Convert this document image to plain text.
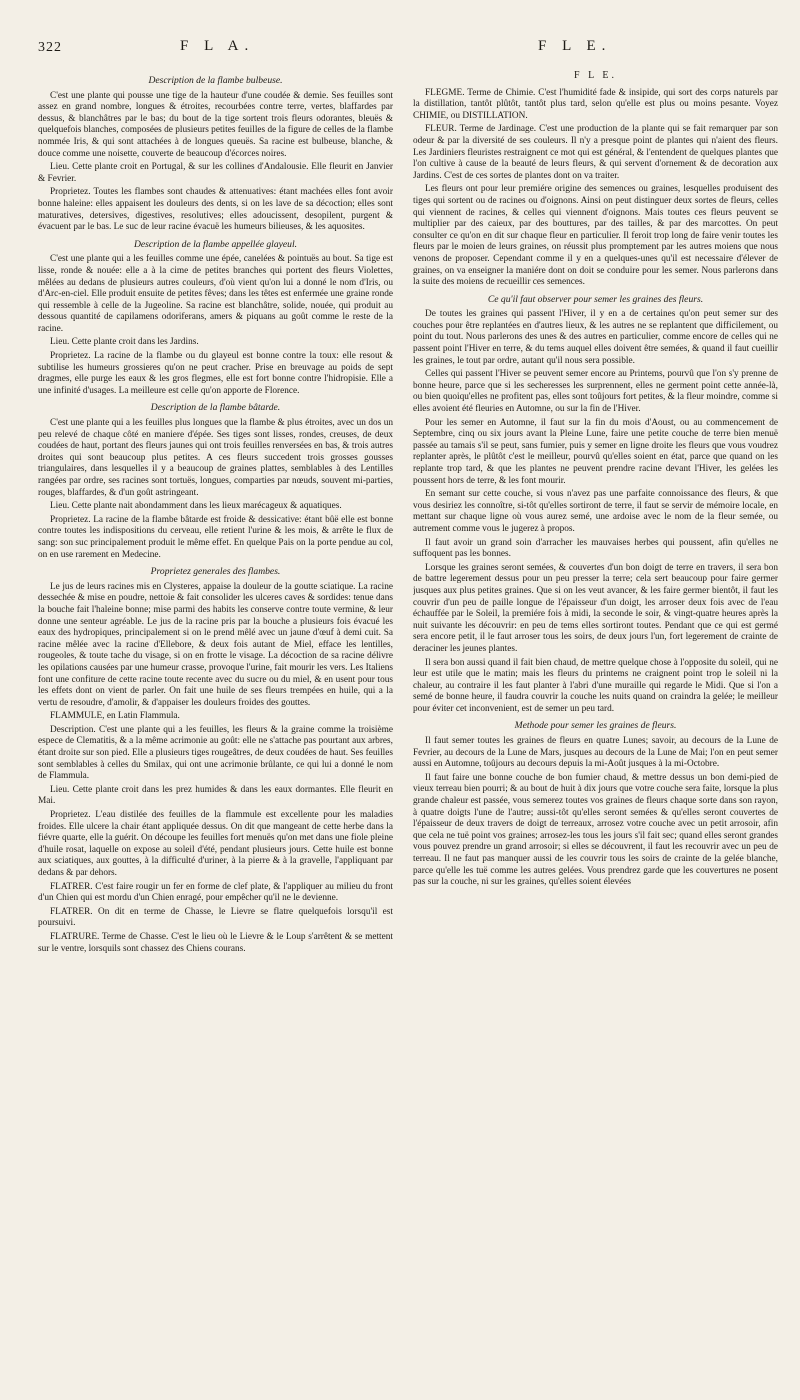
322	F L A.	F L E.
Description de la flambe bulbeuse.

C'est une plante qui pousse une tige de la hauteur d'une coudée & demie. Ses feuilles sont assez en grand nombre, longues & étroites, recourbées contre terre, vertes, blaffardes par dessus, & blanchâtres par le bas; du bout de la tige sortent trois fleurs odorantes, bleuës & quelquefois blanches, composées de plusieurs petites feuilles de la figure de celles de la flambe nommée Iris, & qui sont attachées à de longues queuës. Sa racine est bulbeuse, blanche, & douce comme une noisette, couverte de beaucoup d'écorces noires.

Lieu. Cette plante croit en Portugal, & sur les collines d'Andalousie. Elle fleurit en Janvier & Fevrier.

Proprietez. Toutes les flambes sont chaudes & attenuatives: étant machées elles font avoir bonne haleine: elles appaisent les douleurs des dents, si on les lave de sa décoction; elles sont maturatives, detersives, digestives, resolutives; elles adoucissent, desopilent, purgent & évacuent par le bas. Le suc de leur racine évacuë les humeurs bilieuses, & les aquosites.

Description de la flambe appellée glayeul.

C'est une plante qui a les feuilles comme une épée, canelées & pointuës au bout. Sa tige est lisse, ronde & nouée: elle a à la cime de petites branches qui portent des fleurs Violettes, mêlées au dedans de plusieurs autres couleurs, d'où vient qu'on lui a donné le nom d'Iris, ou d'Arc-en-ciel. Elle produit ensuite de petites fêves; dans les têtes est enfermée une graine ronde qui ressemble à celle de la Jugeoline. Sa racine est blanchâtre, solide, nouée, qui produit au dessous quantité de capilamens odoriferans, amers & piquans au goût comme le reste de la racine.

Lieu. Cette plante croit dans les Jardins.

Proprietez. La racine de la flambe ou du glayeul est bonne contre la toux: elle resout & subtilise les humeurs grossieres qu'on ne peut cracher. Prise en breuvage au poids de sept dragmes, elle purge les eaux & les gros flegmes, elle est fort bonne contre l'hidropisie. Elle a une infinité d'usages. La meilleure est celle qu'on apporte de Florence.

Description de la flambe bâtarde.

C'est une plante qui a les feuilles plus longues que la flambe & plus étroites, avec un dos un peu relevé de chaque côté en maniere d'épée. Ses tiges sont lisses, rondes, creuses, de deux coudées de haut, portant des fleurs jaunes qui ont trois feuilles renversées en bas, & trois autres droites qui sont beaucoup plus petites. A ces fleurs succedent trois grosses gousses triangulaires, dans lesquelles il y a beaucoup de graines plattes, semblables à des Lentilles rangées par ordre, ses racines sont tortuës, longues, comparties par nœuds, souvent mi-parties, rouges, blaffardes, & d'un goût astringeant.

Lieu. Cette plante nait abondamment dans les lieux marécageux & aquatiques.

Proprietez. La racine de la flambe bâtarde est froide & dessicative: étant bûë elle est bonne contre toutes les indispositions du cerveau, elle retient l'urine & les mois, & arrête le flux de sang: son suc principalement produit le même effet. En quelque Pais on la porte pendue au col, on en use rarement en Medecine.

Proprietez generales des flambes.

Le jus de leurs racines mis en Clysteres, appaise la douleur de la goutte sciatique. La racine dessechée & mise en poudre, nettoie & fait consolider les ulceres caves & sordides: tenue dans la bouche fait l'haleine bonne; mise parmi des habits les conserve contre toute vermine, & leur donne une senteur agréable. Le jus de la racine pris par la bouche a plusieurs fois évacué les eaux des hydropiques, principalement si on le prend mêlé avec un jaune d'œuf à demi cuit. Sa racine mêlée avec la racine d'Ellebore, & deux fois autant de Miel, efface les lentilles, rougeoles, & toute tache du visage, si on en frotte le visage. La décoction de sa racine délivre les opilations causées par une humeur crasse, provoque l'urine, fait mourir les vers. Les Italiens font une confiture de cette racine toute recente avec du sucre ou du miel, & en usent pour tous les effets dont on vient de parler. On fait une huile de ses fleurs trempées en huile, qui a la vertu de resoudre, d'amolir, & d'appaiser les douleurs froides des gouttes.

FLAMMULE, en Latin Flammula.

Description. C'est une plante qui a les feuilles, les fleurs & la graine comme la troisième espece de Clematitis, & a la même acrimonie au goût: elle ne s'attache pas pourtant aux arbres, étant droite sur son pied. Elle a plusieurs tiges rougeâtres, de deux coudées de haut. Ses feuilles sont semblables à celles du Smilax, qui ont une acrimonie brûlante, ce qui lui a donné le nom de Flammula.

Lieu. Cette plante croit dans les prez humides & dans les eaux dormantes. Elle fleurit en Mai.

Proprietez. L'eau distilée des feuilles de la flammule est excellente pour les maladies froides. Elle ulcere la chair étant appliquée dessus. On dit que mangeant de cette herbe dans la fiévre quarte, elle la guérit. On découpe les feuilles fort menuës qu'on met dans une fiole pleine d'huile rosat, laquelle on expose au soleil d'été, pendant plusieurs jours. Cette huile est bonne aux sciatiques, aux gouttes, à la difficulté d'uriner, à la pierre & à la gravelle, l'appliquant par dedans & par dehors.

FLATRER. C'est faire rougir un fer en forme de clef plate, & l'appliquer au milieu du front d'un Chien qui est mordu d'un Chien enragé, pour empêcher qu'il ne le devienne.

FLATRER. On dit en terme de Chasse, le Lievre se flatre quelquefois lorsqu'il est poursuivi.

FLATRURE. Terme de Chasse. C'est le lieu où le Lievre & le Loup s'arrêtent & se mettent sur le ventre, lorsquils sont chassez des Chiens courans.

F L E.

FLEGME. Terme de Chimie. C'est l'humidité fade & insipide, qui sort des corps naturels par la distillation, tantôt plûtôt, tantôt plus tard, selon qu'elle est plus ou moins pesante. Voyez CHIMIE, ou DISTILLATION.

FLEUR. Terme de Jardinage. C'est une production de la plante qui se fait remarquer par son odeur & par la diversité de ses couleurs. Il n'y a presque point de plantes qui n'aient des fleurs. Les Jardiniers fleuristes restraignent ce mot qui est général, & l'entendent de quelques plantes que l'on cultive à cause de la beauté de leurs fleurs, & qui servent d'ornement & de decoration aux Jardins. C'est de ces sortes de plantes dont on va traiter.

Les fleurs ont pour leur premiére origine des semences ou graines, lesquelles produisent des tiges qui sortent ou de racines ou d'oignons. Ainsi on peut distinguer deux sortes de fleurs, celles qui viennent de racines, & celles qui viennent d'oignons. Mais toutes ces fleurs peuvent se multiplier par des caieux, par des bouttures, par des tailles, & par des marcottes. On peut consulter ce qu'on en dit sur chaque fleur en particulier. Il feroit trop long de faire venir toutes les fleurs par le moien de leurs graines, on réussit plus promptement par les autres moiens que nous venons de proposer. Cependant comme il y en a quelques-unes qu'il est necessaire d'élever de graines, on va enseigner la maniére dont on doit se conduire pour les semer. Nous parlerons dans la suite des moiens de recueillir ces semences.

Ce qu'il faut observer pour semer les graines des fleurs.

De toutes les graines qui passent l'Hiver, il y en a de certaines qu'on peut semer sur des couches pour être replantées en d'autres lieux, & les autres ne se replantent que difficilement, ou point du tout. Nous parlerons des unes & des autres en particulier, comme encore de celles qui ne passent point l'Hiver en terre, & du tems auquel elles doivent être semées, & quand il faut cueillir les graines, le tout par ordre, autant qu'il nous sera possible.

Celles qui passent l'Hiver se peuvent semer encore au Printems, pourvû que l'on s'y prenne de bonne heure, parce que si les secheresses les surprennent, elles ne germent point cette année-là, ou bien quoiqu'elles ne profitent pas, elles sont toûjours fort petites, & la fleur moindre, comme si elles avoient été fleuries en Automne, ou sur la fin de l'Hiver.

Pour les semer en Automne, il faut sur la fin du mois d'Aoust, ou au commencement de Septembre, cinq ou six jours avant la Pleine Lune, faire une petite couche de terre bien menuë passée au tamais s'il se peut, sans fumier, puis y semer en ligne droite les fleurs que vous voudrez replanter après, le plûtôt c'est le meilleur, pourvû qu'elles soient en état, parce que quand on les replante trop tard, & que les plantes ne peuvent prendre racine devant l'Hiver, les gelées les poussent hors de terre, & les font mourir.

En semant sur cette couche, si vous n'avez pas une parfaite connoissance des fleurs, & que vous desiriez les connoître, si-tôt qu'elles sortiront de terre, il faut se servir de mémoire locale, en mettant sur chaque ligne où vous aurez semé, une ardoise avec le nom de la fleur semée, ou autrement comme vous le jugerez à propos.

Il faut avoir un grand soin d'arracher les mauvaises herbes qui poussent, afin qu'elles ne suffoquent pas les bonnes.

Lorsque les graines seront semées, & couvertes d'un bon doigt de terre en travers, il sera bon de battre legerement dessus pour un peu presser la terre; cela sert beaucoup pour faire germer jusques aux plus petites graines. Que si on les veut avancer, & les faire germer bientôt, il faut les couvrir d'un peu de paille longue de l'épaisseur d'un doigt, les arroser deux fois avec de l'eau échauffée par le Soleil, la premiére fois à midi, la seconde le soir, & vingt-quatre heures après la nuit suivante les découvrir: en peu de tems elles sortiront toutes. Pendant que ce qui est germé sera encore petit, il le faut arroser tous les soirs, de deux jours l'un, fort legerement de crainte de deraciner les jeunes plantes.

Il sera bon aussi quand il fait bien chaud, de mettre quelque chose à l'opposite du soleil, qui ne leur est utile que le matin; mais les fleurs du printems ne craignent point trop le soleil ni la chaleur, au contraire il les faut planter à l'abri d'une muraille qui regarde le Midi. Que si l'on a semé de bonne heure, il faudra couvrir la couche les nuits quand on craindra la gelée; le meilleur pour éviter cet inconvenient, est de semer un peu tard.

Methode pour semer les graines de fleurs.

Il faut semer toutes les graines de fleurs en quatre Lunes; savoir, au decours de la Lune de Fevrier, au decours de la Lune de Mars, jusques au decours de la Lune de Mai; l'on en peut semer aussi en Automne, toûjours au decours depuis la mi-Août jusques à la mi-Octobre.

Il faut faire une bonne couche de bon fumier chaud, & mettre dessus un bon demi-pied de vieux terreau bien pourri; & au bout de huit à dix jours que votre couche sera faite, lorsque la plus grande chaleur est passée, vous semerez toutes vos graines de fleurs chaque sorte dans son rayon, à quatre doigts l'une de l'autre; aussi-tôt qu'elles seront semées & qu'elles seront couvertes de l'épaisseur de deux travers de doigt de terreaux, arrosez votre couche avec un petit arrosoir, afin que cela ne tuë point vos graines; arrosez-les tous les jours s'il fait sec; quand elles seront grandes vous pouvez prendre un grand arrosoir; si elles se découvrent, il faut les recouvrir avec un peu de terreau. Il ne faut pas manquer aussi de les couvrir tous les soirs de crainte de la gelée blanche, parce qu'elle les tuë comme les autres gelées. Vous prendrez garde que les couvertures ne posent pas sur la couche, ni sur les graines, qu'elles soient élevées
